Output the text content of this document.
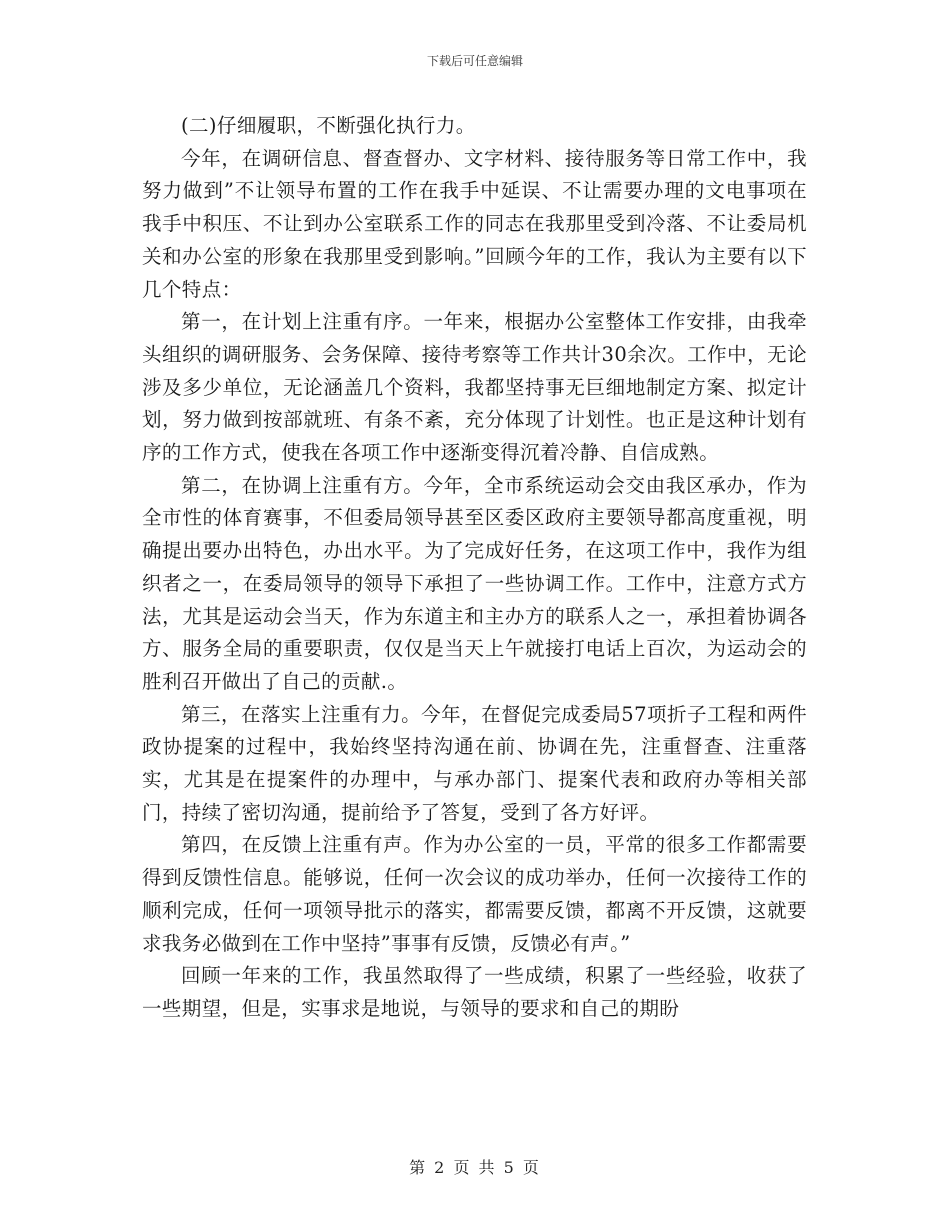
下载后可任意编辑

(二)仔细履职，不断强化执行力。

今年，在调研信息、督查督办、文字材料、接待服务等日常工作中，我努力做到”不让领导布置的工作在我手中延误、不让需要办理的文电事项在我手中积压、不让到办公室联系工作的同志在我那里受到冷落、不让委局机关和办公室的形象在我那里受到影响。”回顾今年的工作，我认为主要有以下几个特点：

第一，在计划上注重有序。一年来，根据办公室整体工作安排，由我牵头组织的调研服务、会务保障、接待考察等工作共计30余次。工作中，无论涉及多少单位，无论涵盖几个资料，我都坚持事无巨细地制定方案、拟定计划，努力做到按部就班、有条不紊，充分体现了计划性。也正是这种计划有序的工作方式，使我在各项工作中逐渐变得沉着冷静、自信成熟。

第二，在协调上注重有方。今年，全市系统运动会交由我区承办，作为全市性的体育赛事，不但委局领导甚至区委区政府主要领导都高度重视，明确提出要办出特色，办出水平。为了完成好任务，在这项工作中，我作为组织者之一，在委局领导的领导下承担了一些协调工作。工作中，注意方式方法，尤其是运动会当天，作为东道主和主办方的联系人之一，承担着协调各方、服务全局的重要职责，仅仅是当天上午就接打电话上百次，为运动会的胜利召开做出了自己的贡献.。

第三，在落实上注重有力。今年，在督促完成委局57项折子工程和两件政协提案的过程中，我始终坚持沟通在前、协调在先，注重督查、注重落实，尤其是在提案件的办理中，与承办部门、提案代表和政府办等相关部门，持续了密切沟通，提前给予了答复，受到了各方好评。

第四，在反馈上注重有声。作为办公室的一员，平常的很多工作都需要得到反馈性信息。能够说，任何一次会议的成功举办，任何一次接待工作的顺利完成，任何一项领导批示的落实，都需要反馈，都离不开反馈，这就要求我务必做到在工作中坚持”事事有反馈，反馈必有声。”

回顾一年来的工作，我虽然取得了一些成绩，积累了一些经验，收获了一些期望，但是，实事求是地说，与领导的要求和自己的期盼

第 2 页 共 5 页
